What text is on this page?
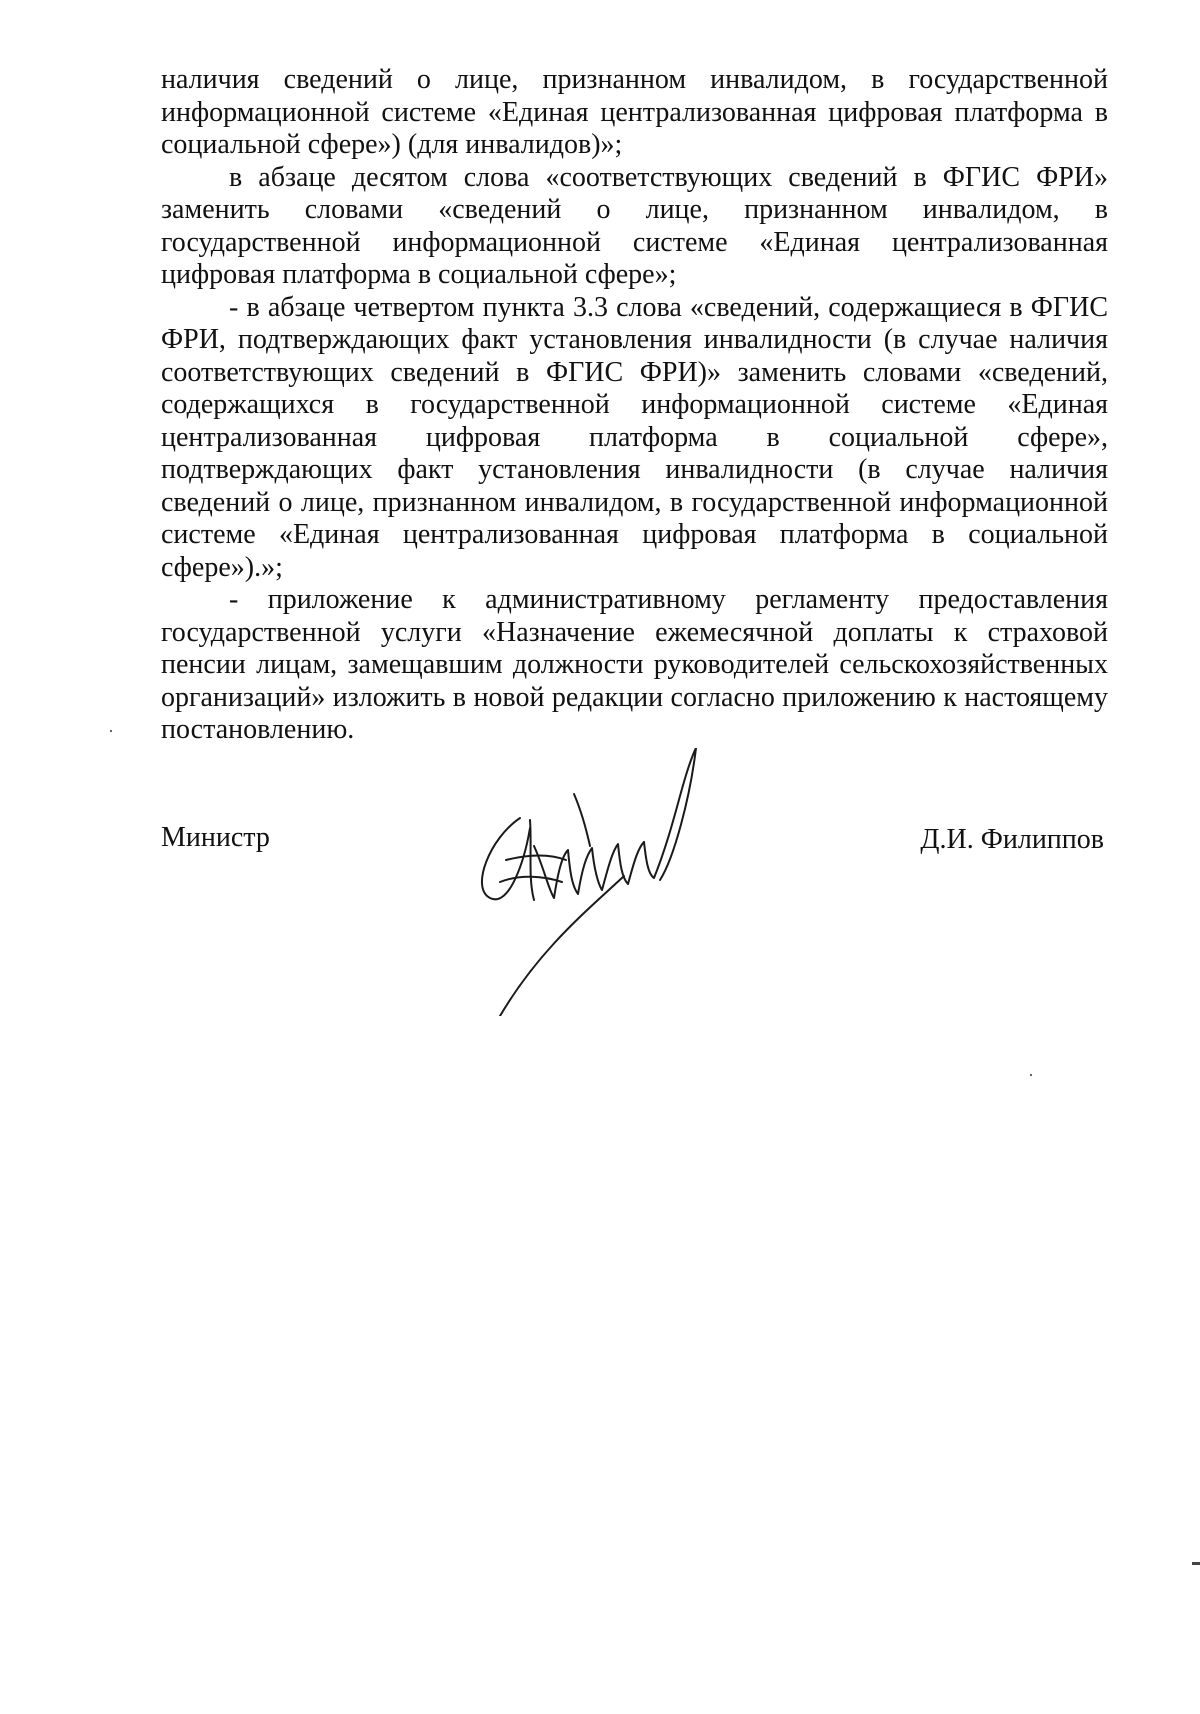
наличия сведений о лице, признанном инвалидом, в государственной информационной системе «Единая централизованная цифровая платформа в социальной сфере») (для инвалидов)»;

в абзаце десятом слова «соответствующих сведений в ФГИС ФРИ» заменить словами «сведений о лице, признанном инвалидом, в государственной информационной системе «Единая централизованная цифровая платформа в социальной сфере»;

- в абзаце четвертом пункта 3.3 слова «сведений, содержащиеся в ФГИС ФРИ, подтверждающих факт установления инвалидности (в случае наличия соответствующих сведений в ФГИС ФРИ)» заменить словами «сведений, содержащихся в государственной информационной системе «Единая централизованная цифровая платформа в социальной сфере», подтверждающих факт установления инвалидности (в случае наличия сведений о лице, признанном инвалидом, в государственной информационной системе «Единая централизованная цифровая платформа в социальной сфере»).»;

- приложение к административному регламенту предоставления государственной услуги «Назначение ежемесячной доплаты к страховой пенсии лицам, замещавшим должности руководителей сельскохозяйственных организаций» изложить в новой редакции согласно приложению к настоящему постановлению.

Министр	Д.И. Филиппов
